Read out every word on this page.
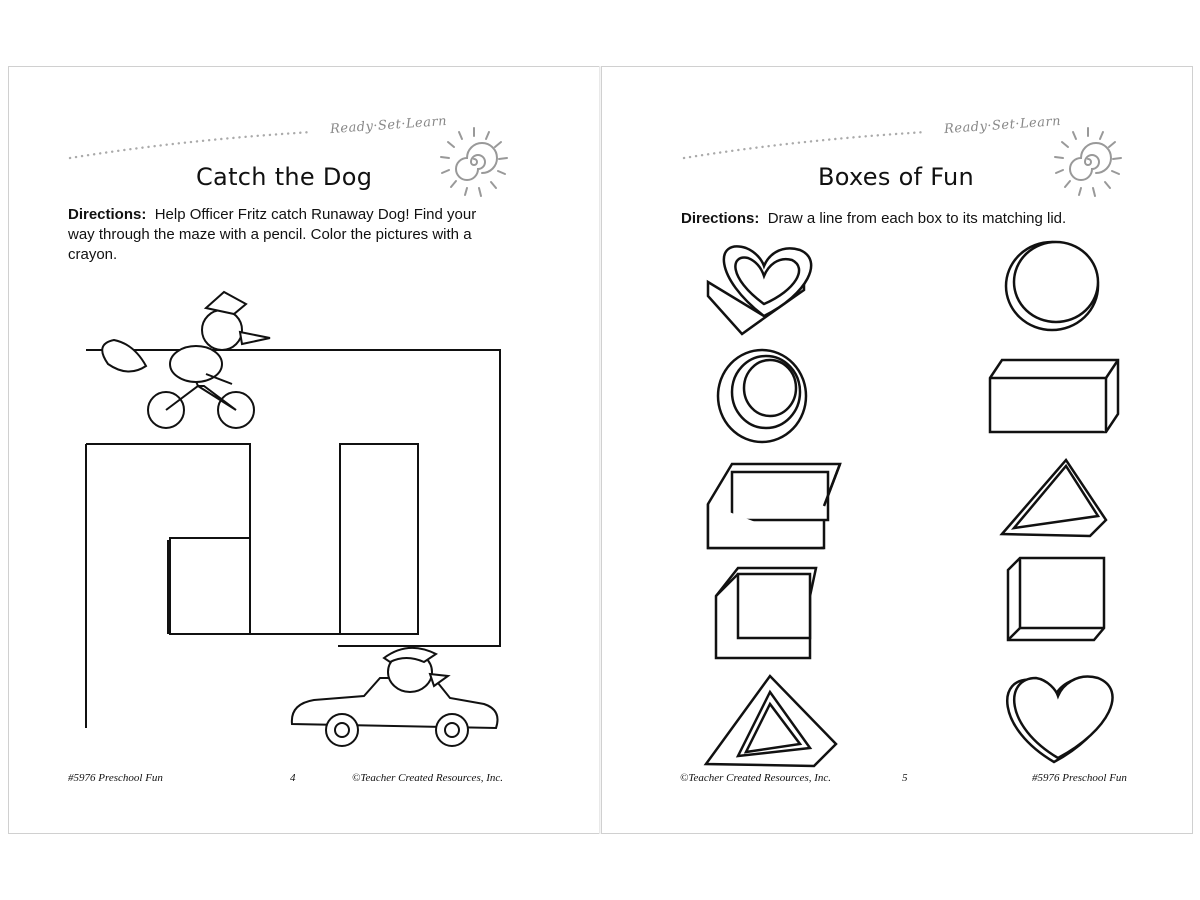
Ready·Set·Learn
Catch the Dog
Directions: Help Officer Fritz catch Runaway Dog! Find your
way through the maze with a pencil. Color the pictures with a
crayon.
#5976 Preschool Fun	4	©Teacher Created Resources, Inc.
Ready·Set·Learn
Boxes of Fun
Directions: Draw a line from each box to its matching lid.
©Teacher Created Resources, Inc.	5	#5976 Preschool Fun
